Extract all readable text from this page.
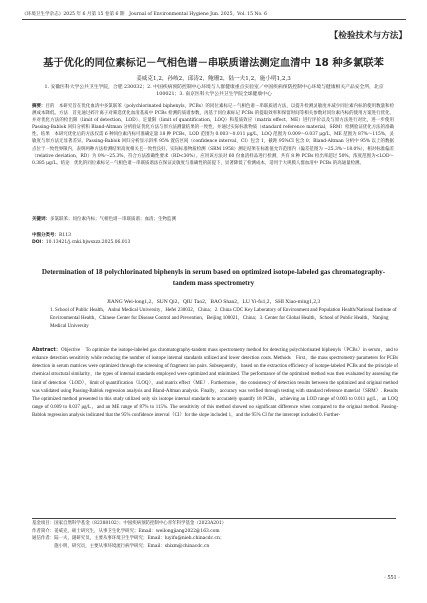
《环境卫生学杂志》2025 年 6 月第 15 卷第 6 期　Journal of Environmental Hygiene Jun. 2025，Vol. 15 No. 6
【检验技术与方法】
基于优化的同位素标记－气相色谱－串联质谱法测定血清中 18 种多氯联苯
姜威克1,2，孙岐2，邱涛2，鲍珊2，陆一夫1,2，施小明1,2,3
1. 安徽医科大学公共卫生学院，合肥 230032；2. 中国疾病预防控制中心环境与人群健康重点实验室／中国疾病预防控制中心环境与健康相关产品安全所，北京 100021；3. 南京医科大学公共卫生学院全球健康中心
摘要：目的　本研究旨在优化血清中多氯联苯（polychlorinated biphenyls，PCBs）的同位素标记－气相色谱－串联质谱方法，以提升检测灵敏度并减少同位素内标的使用数量和检测成本降低。方法　首先通过碎片离子对筛选优化血清基质中 PCBs 检测的质谱参数，再基于同位素标记 PCBs 的提取效率和保留时间等相关参数对同位素内标的使用方案进行优化，并对优化方法的检出限（limit of detection，LOD）、定量限（limit of quantification，LOQ）和基质效应（matrix effect，ME）进行评价以及与原方法进行对比，进一步使用 Passing-Bablok 回归分析和 Bland-Altman 分析验证优化方法与原方法测量结果的一致性，并通过实际标准物质（standard reference material，SRM）检测验证优化方法的准确性。结果　本研究优化后的方法仅需 6 种同位素内标可准确定量 18 种 PCBs，LOD 范围为 0.003～0.011 μg/L，LOQ 范围为 0.009～0.037 μg/L，ME 范围为 87%～115%，灵敏度与原方法无显著差异。Passing-Bablok 回归分析显示斜率 95% 置信区间（confidence interval，CI）包含 1，截距 95%CI 包含 0；Bland-Altman 分析中 95% 以上的数据点位于一致性界限内，表明两种方法检测结果高度相关且一致性良好。实际标准物质检测（SRM 1958）测定结果在标准值允许范围内（偏差范围为 −25.3%～18.0%），相对标准偏差（relative deviation，RD）为 0%～25.3%，符合方法准确性要求（RD<30%）。应用该方法对 60 份血清样品进行检测，共有 8 种 PCBs 检出率超过 50%，浓度范围为<LOD～0.385 μg/L。结论　优化的同位素标记－气相色谱－串联质谱法在保证灵敏度与准确性的前提下，显著降低了检测成本，适用于大规模人群血清中 PCBs 的高通量检测。
关键词：多氯联苯；同位素内标；气相色谱－串联质谱；血清；生物监测
中图分类号：R113
DOI：10.13421/j.cnki.hjwsxzz.2025.06.013
Determination of 18 polychlorinated biphenyls in serum based on optimized isotope-labeled gas chromatography-tandem mass spectrometry
JIANG Wei-long1,2，SUN Qi2，QIU Tao2，BAO Shan2，LU Yi-fu1,2，SHI Xiao-ming1,2,3
1. School of Public Health，Anhui Medical University，Hefei 230032，China；2. China CDC Key Laboratory of Environment and Population Health/National Institute of Environmental Health，Chinese Center for Disease Control and Prevention，Beijing 100021，China；3. Center for Global Health，School of Public Health，Nanjing Medical University
Abstract：Objective　To optimize the isotope-labeled gas chromatography-tandem mass spectrometry method for detecting polychlorinated biphenyls（PCBs）in serum，and to enhance detection sensitivity while reducing the number of isotope internal standards utilized and lower detection costs. Methods　First，the mass spectrometry parameters for PCBs detection in serum matrices were optimized through the screening of fragment ion pairs. Subsequently，based on the extraction efficiency of isotope-labeled PCBs and the principle of chemical structural similarity，the types of internal standards employed were optimized and minimized. The performance of the optimized method was then evaluated by assessing the limit of detection（LOD），limit of quantification（LOQ），and matrix effect（ME）. Furthermore，the consistency of detection results between the optimized and original method was validated using Passing-Bablok regression analysis and Bland-Altman analysis. Finally，accuracy was verified through testing with standard reference material（SRM）. Results　The optimized method presented in this study utilized only six isotope internal standards to accurately quantify 18 PCBs，achieving an LOD range of 0.003 to 0.011 μg/L，an LOQ range of 0.009 to 0.037 μg/L，and an ME range of 87% to 115%. The sensitivity of this method showed no significant difference when compared to the original method. Passing-Bablok regression analysis indicated that the 95% confidence interval（CI）for the slope included 1，and the 95% CI for the intercept included 0. Further-
基金项目：国家自然科学基金（82388102）；中国疾病预防控制中心青年科学基金（2023A201）
作者简介：姜威克，硕士研究生，从事卫生化学研究；Email：weilongjiang2022@163.com
通信作者：陆一夫，副研究员，主要从事环境卫生学研究；Email：luyifu@nieh.chinacdc.cn；
　　　　　施小明，研究员，主要从事环境流行病学研究；Email：shixm@chinacdc.cn
· 551 ·
